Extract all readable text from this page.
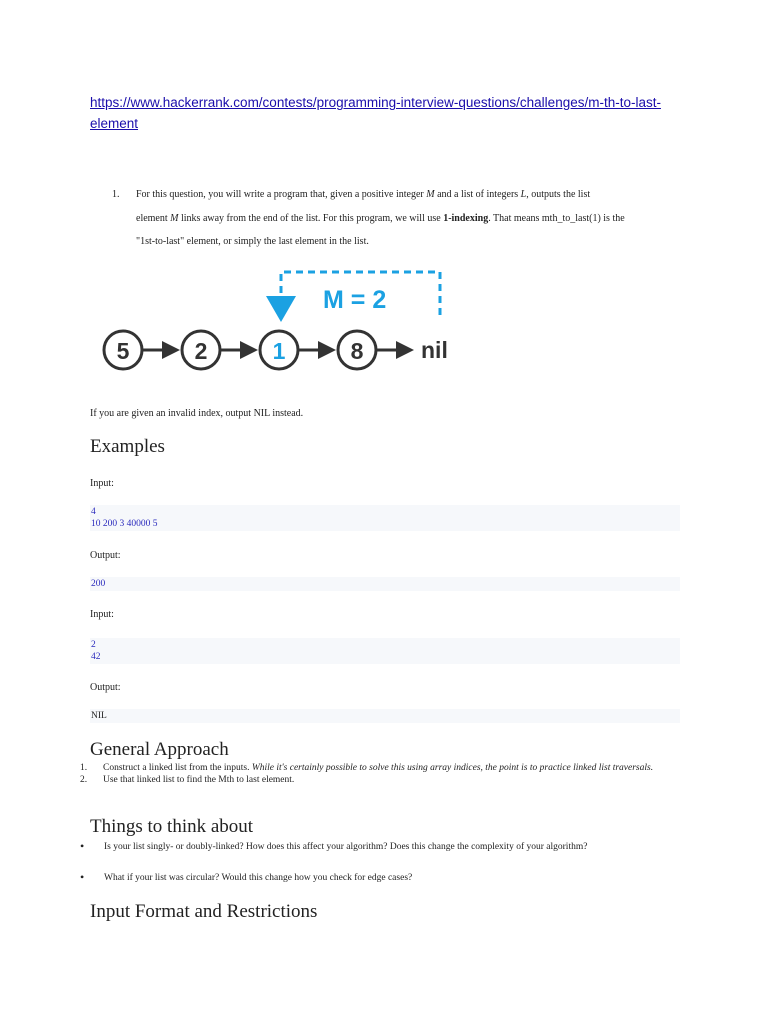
https://www.hackerrank.com/contests/programming-interview-questions/challenges/m-th-to-last-
element
1. For this question, you will write a program that, given a positive integer M and a list of integers L, outputs the list
element M links away from the end of the list. For this program, we will use 1-indexing. That means mth_to_last(1) is the
"1st-to-last" element, or simply the last element in the list.
M = 2
5	2	1	8	nil
If you are given an invalid index, output NIL instead.
Examples
Input:
4
10 200 3 40000 5
Output:
200
Input:
2
42
Output:
NIL
General Approach
1. Construct a linked list from the inputs. While it's certainly possible to solve this using array indices, the point is to practice linked list traversals.
2. Use that linked list to find the Mth to last element.
Things to think about
• Is your list singly- or doubly-linked? How does this affect your algorithm? Does this change the complexity of your algorithm?
• What if your list was circular? Would this change how you check for edge cases?
Input Format and Restrictions
